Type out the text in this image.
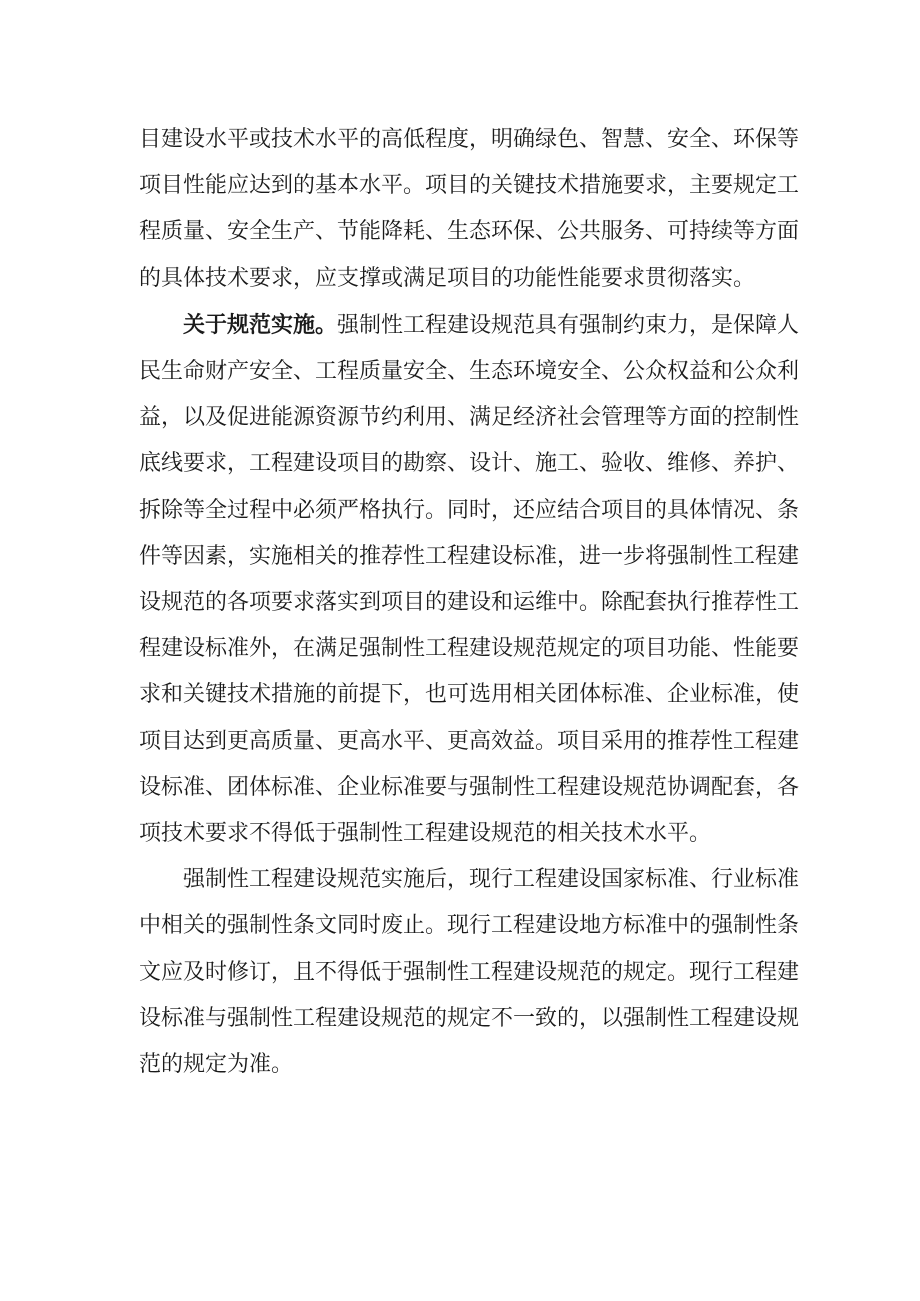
目建设水平或技术水平的高低程度，明确绿色、智慧、安全、环保等
项目性能应达到的基本水平。项目的关键技术措施要求，主要规定工
程质量、安全生产、节能降耗、生态环保、公共服务、可持续等方面
的具体技术要求，应支撑或满足项目的功能性能要求贯彻落实。

关于规范实施。强制性工程建设规范具有强制约束力，是保障人
民生命财产安全、工程质量安全、生态环境安全、公众权益和公众利
益，以及促进能源资源节约利用、满足经济社会管理等方面的控制性
底线要求，工程建设项目的勘察、设计、施工、验收、维修、养护、
拆除等全过程中必须严格执行。同时，还应结合项目的具体情况、条
件等因素，实施相关的推荐性工程建设标准，进一步将强制性工程建
设规范的各项要求落实到项目的建设和运维中。除配套执行推荐性工
程建设标准外，在满足强制性工程建设规范规定的项目功能、性能要
求和关键技术措施的前提下，也可选用相关团体标准、企业标准，使
项目达到更高质量、更高水平、更高效益。项目采用的推荐性工程建
设标准、团体标准、企业标准要与强制性工程建设规范协调配套，各
项技术要求不得低于强制性工程建设规范的相关技术水平。

强制性工程建设规范实施后，现行工程建设国家标准、行业标准
中相关的强制性条文同时废止。现行工程建设地方标准中的强制性条
文应及时修订，且不得低于强制性工程建设规范的规定。现行工程建
设标准与强制性工程建设规范的规定不一致的，以强制性工程建设规
范的规定为准。
